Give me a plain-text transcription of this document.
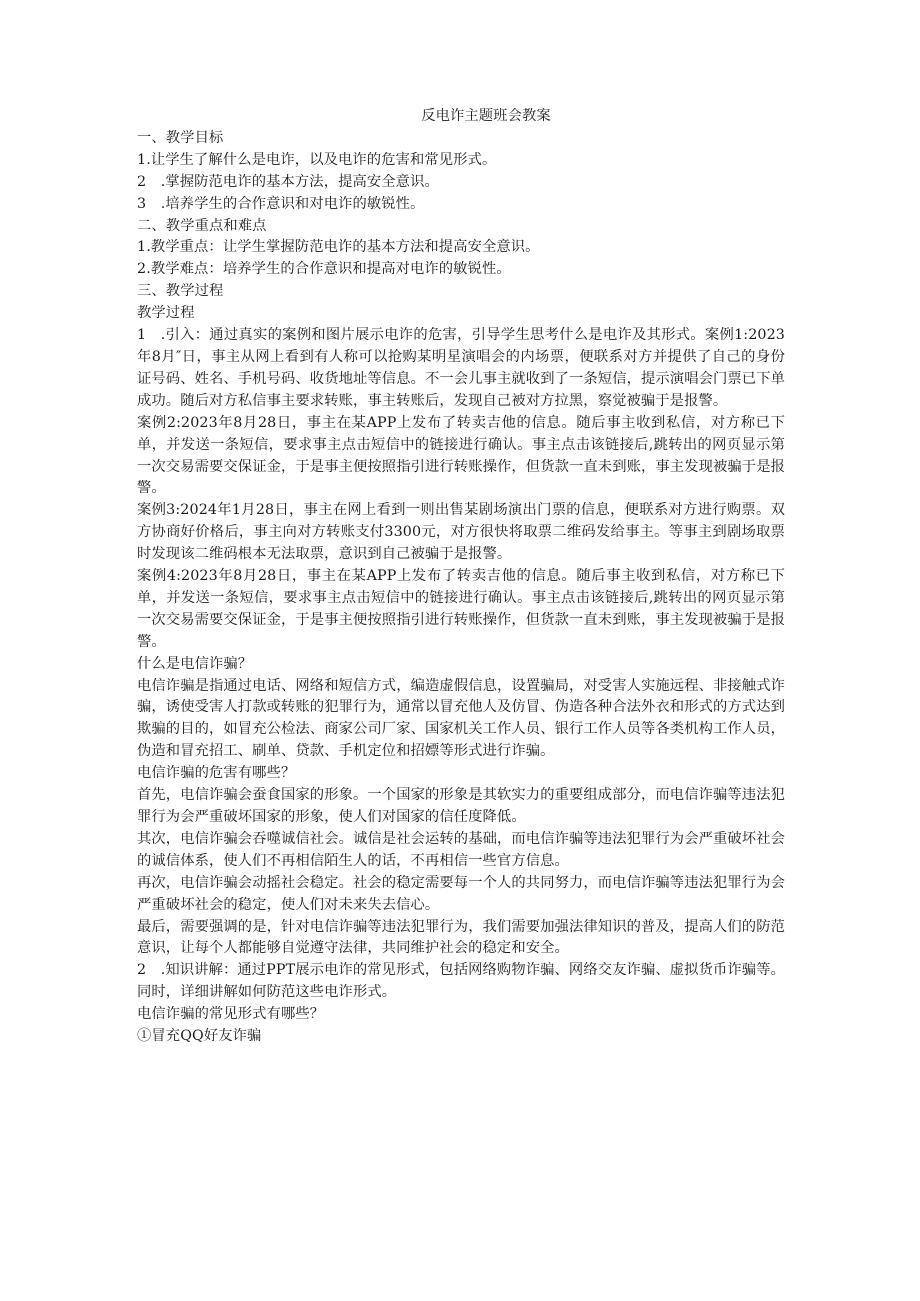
反电诈主题班会教案

一、教学目标

1.让学生了解什么是电诈，以及电诈的危害和常见形式。

2  .掌握防范电诈的基本方法，提高安全意识。

3  .培养学生的合作意识和对电诈的敏锐性。

二、教学重点和难点

1.教学重点：让学生掌握防范电诈的基本方法和提高安全意识。

2.教学难点：培养学生的合作意识和提高对电诈的敏锐性。

三、教学过程

教学过程

1  .引入：通过真实的案例和图片展示电诈的危害，引导学生思考什么是电诈及其形式。案例1:2023年8月″日，事主从网上看到有人称可以抢购某明星演唱会的内场票，便联系对方并提供了自己的身份证号码、姓名、手机号码、收货地址等信息。不一会儿事主就收到了一条短信，提示演唱会门票已下单成功。随后对方私信事主要求转账，事主转账后，发现自己被对方拉黑，察觉被骗于是报警。

案例2:2023年8月28日，事主在某APP上发布了转卖吉他的信息。随后事主收到私信，对方称已下单，并发送一条短信，要求事主点击短信中的链接进行确认。事主点击该链接后,跳转出的网页显示第一次交易需要交保证金，于是事主便按照指引进行转账操作，但货款一直未到账，事主发现被骗于是报警。

案例3:2024年1月28日，事主在网上看到一则出售某剧场演出门票的信息，便联系对方进行购票。双方协商好价格后，事主向对方转账支付3300元，对方很快将取票二维码发给事主。等事主到剧场取票时发现该二维码根本无法取票，意识到自己被骗于是报警。

案例4:2023年8月28日，事主在某APP上发布了转卖吉他的信息。随后事主收到私信，对方称已下单，并发送一条短信，要求事主点击短信中的链接进行确认。事主点击该链接后,跳转出的网页显示第一次交易需要交保证金，于是事主便按照指引进行转账操作，但货款一直未到账，事主发现被骗于是报警。

什么是电信诈骗？

电信诈骗是指通过电话、网络和短信方式，编造虚假信息，设置骗局，对受害人实施远程、非接触式诈骗，诱使受害人打款或转账的犯罪行为，通常以冒充他人及仿冒、伪造各种合法外衣和形式的方式达到欺骗的目的，如冒充公检法、商家公司厂家、国家机关工作人员、银行工作人员等各类机构工作人员，伪造和冒充招工、刷单、贷款、手机定位和招嫖等形式进行诈骗。

电信诈骗的危害有哪些？

首先，电信诈骗会蚕食国家的形象。一个国家的形象是其软实力的重要组成部分，而电信诈骗等违法犯罪行为会严重破坏国家的形象，使人们对国家的信任度降低。

其次，电信诈骗会吞噬诚信社会。诚信是社会运转的基础，而电信诈骗等违法犯罪行为会严重破坏社会的诚信体系，使人们不再相信陌生人的话，不再相信一些官方信息。

再次，电信诈骗会动摇社会稳定。社会的稳定需要每一个人的共同努力，而电信诈骗等违法犯罪行为会严重破坏社会的稳定，使人们对未来失去信心。

最后，需要强调的是，针对电信诈骗等违法犯罪行为，我们需要加强法律知识的普及，提高人们的防范意识，让每个人都能够自觉遵守法律，共同维护社会的稳定和安全。

2  .知识讲解：通过PPT展示电诈的常见形式，包括网络购物诈骗、网络交友诈骗、虚拟货币诈骗等。同时，详细讲解如何防范这些电诈形式。

电信诈骗的常见形式有哪些？

①冒充QQ好友诈骗
